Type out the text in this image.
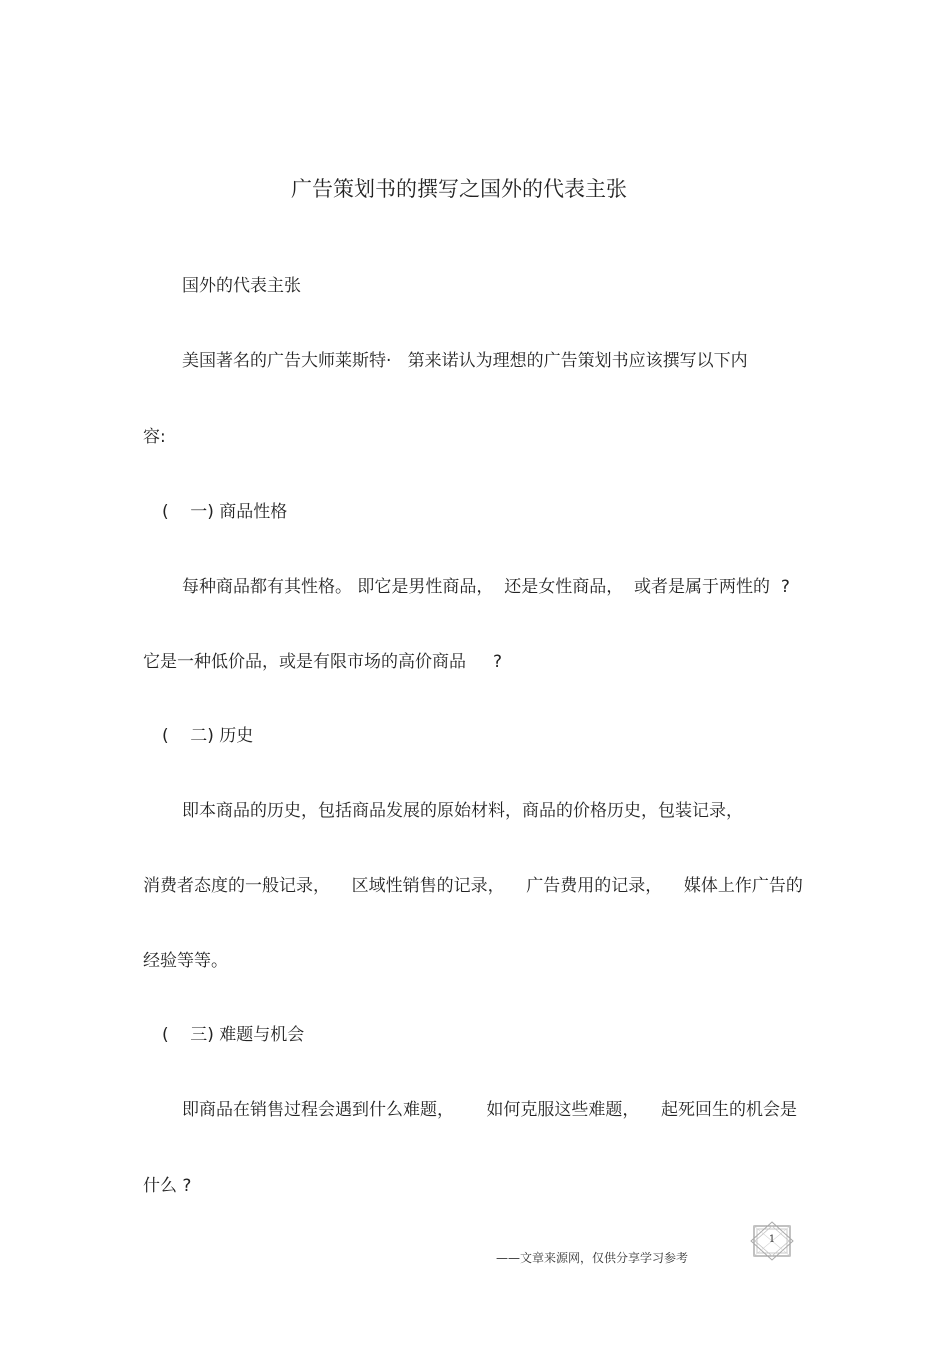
广告策划书的撰写之国外的代表主张
国外的代表主张
美国著名的广告大师莱斯特·   第来诺认为理想的广告策划书应该撰写以下内
容:
(    一) 商品性格
每种商品都有其性格。 即它是男性商品，  还是女性商品，  或者是属于两性的  ?
它是一种低价品，或是有限市场的高价商品     ?
(    二) 历史
即本商品的历史，包括商品发展的原始材料，商品的价格历史，包装记录，
消费者态度的一般记录，    区域性销售的记录，    广告费用的记录，    媒体上作广告的
经验等等。
(    三) 难题与机会
即商品在销售过程会遇到什么难题，      如何克服这些难题，    起死回生的机会是
什么 ?
——文章来源网，仅供分享学习参考
1
